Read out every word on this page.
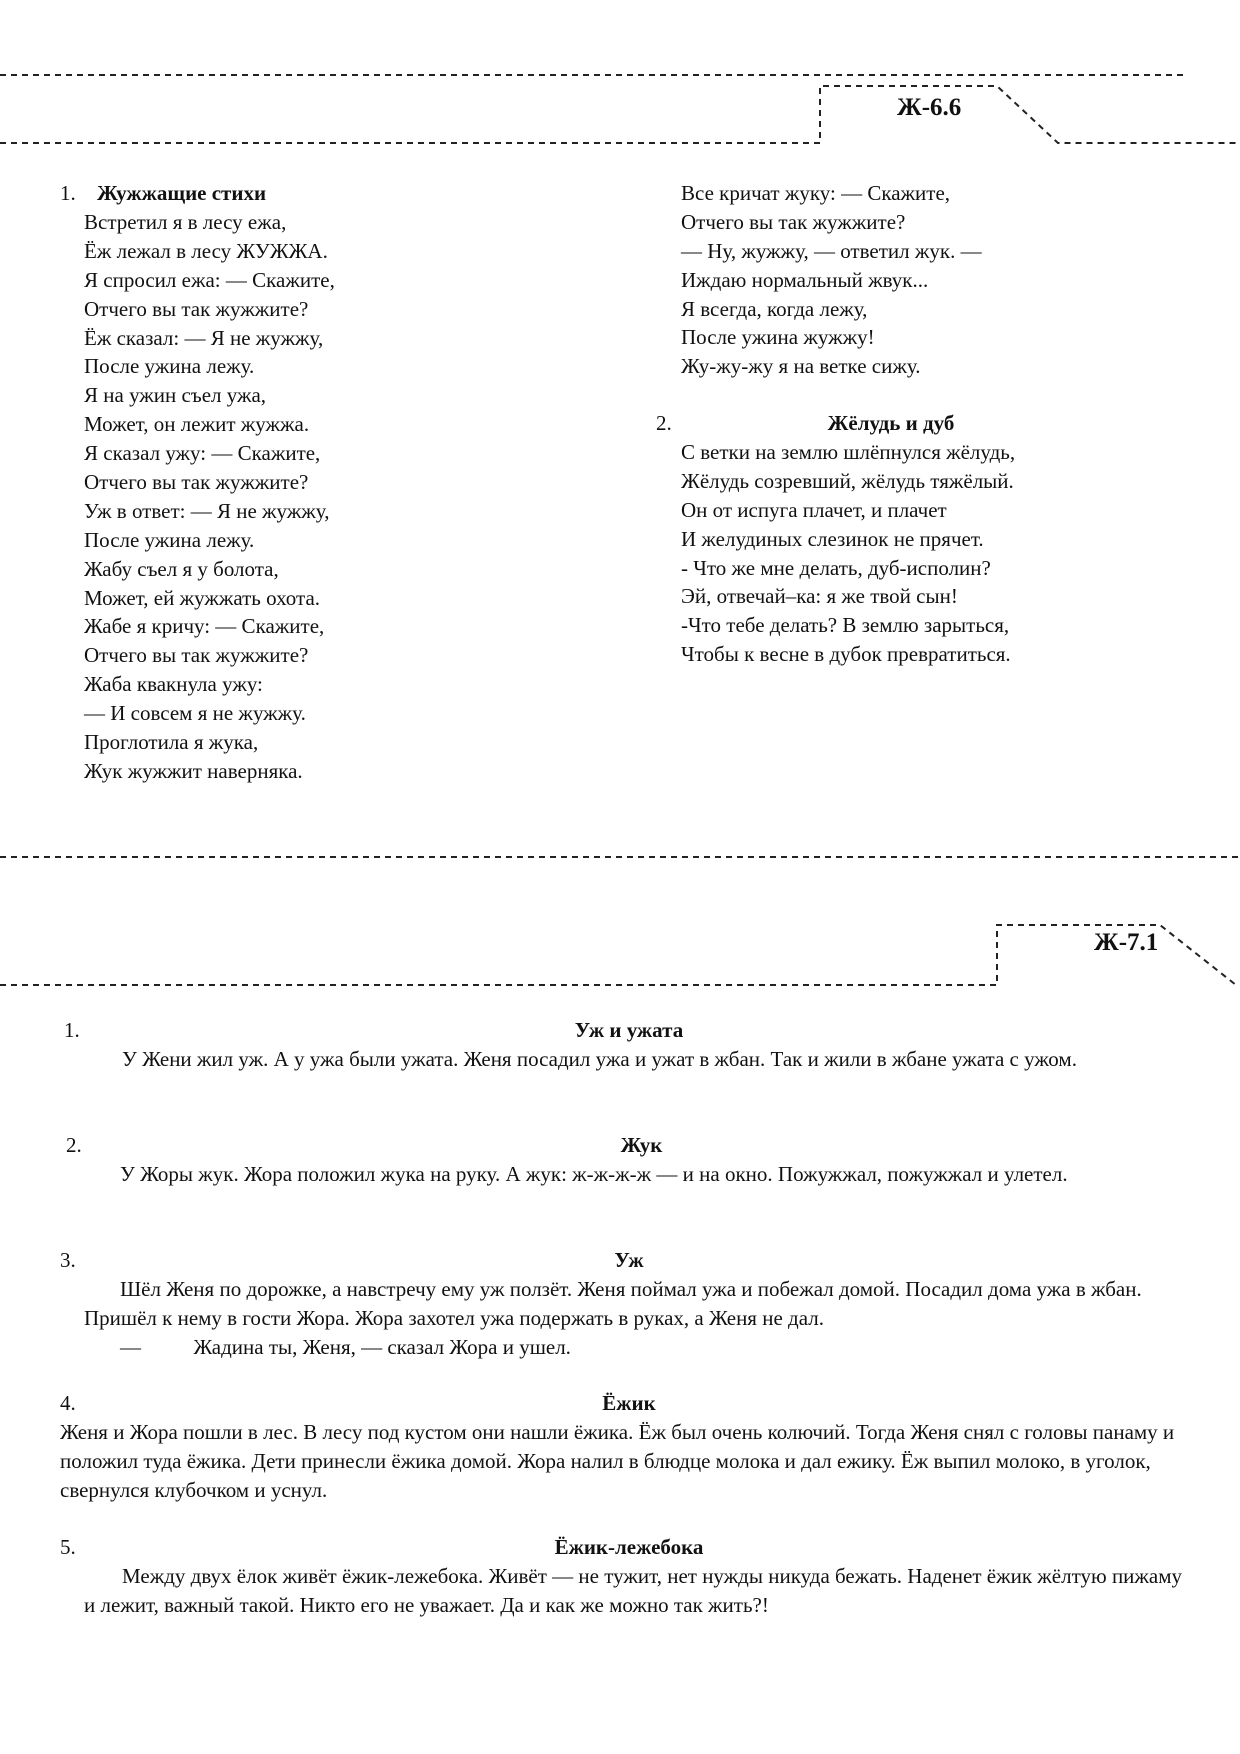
Ж-6.6
1. Жужжащие стихи
Встретил я в лесу ежа,
Ёж лежал в лесу ЖУЖЖА.
Я спросил ежа: — Скажите,
Отчего вы так жужжите?
Ёж сказал: — Я не жужжу,
После ужина лежу.
Я на ужин съел ужа,
Может, он лежит жужжа.
Я сказал ужу: — Скажите,
Отчего вы так жужжите?
Уж в ответ: — Я не жужжу,
После ужина лежу.
Жабу съел я у болота,
Может, ей жужжать охота.
Жабе я кричу: — Скажите,
Отчего вы так жужжите?
Жаба квакнула ужу:
— И совсем я не жужжу.
Проглотила я жука,
Жук жужжит наверняка.
Все кричат жуку: — Скажите,
Отчего вы так жужжите?
— Ну, жужжу, — ответил жук. —
Иждаю нормальный жвук...
Я всегда, когда лежу,
После ужина жужжу!
Жу-жу-жу я на ветке сижу.
2.	Жёлудь и дуб
С ветки на землю шлёпнулся жёлудь,
Жёлудь созревший, жёлудь тяжёлый.
Он от испуга плачет, и плачет
И желудиных слезинок не прячет.
- Что же мне делать, дуб-исполин?
Эй, отвечай–ка: я же твой сын!
-Что тебе делать? В землю зарыться,
Чтобы к весне в дубок превратиться.
Ж-7.1
1.	Уж и ужата
У Жени жил уж. А у ужа были ужата. Женя посадил ужа и ужат в жбан. Так и жили в жбане ужата с ужом.
2.	Жук
У Жоры жук. Жора положил жука на руку. А жук: ж-ж-ж-ж — и на окно. Пожужжал, пожужжал и улетел.
3.	Уж
Шёл Женя по дорожке, а навстречу ему уж ползёт. Женя поймал ужа и побежал домой. Посадил дома ужа в жбан. Пришёл к нему в гости Жора. Жора захотел ужа подержать в руках, а Женя не дал.
—          Жадина ты, Женя, — сказал Жора и ушел.
4.	Ёжик
Женя и Жора пошли в лес. В лесу под кустом они нашли ёжика. Ёж был очень колючий. Тогда Женя снял с головы панаму и положил туда ёжика. Дети принесли ёжика домой. Жора налил в блюдце молока и дал ежику. Ёж выпил молоко, в уголок, свернулся клубочком и уснул.
5.	Ёжик-лежебока
Между двух ёлок живёт ёжик-лежебока. Живёт — не тужит, нет нужды никуда бежать. Наденет ёжик жёлтую пижаму и лежит, важный такой. Никто его не уважает. Да и как же можно так жить?!
